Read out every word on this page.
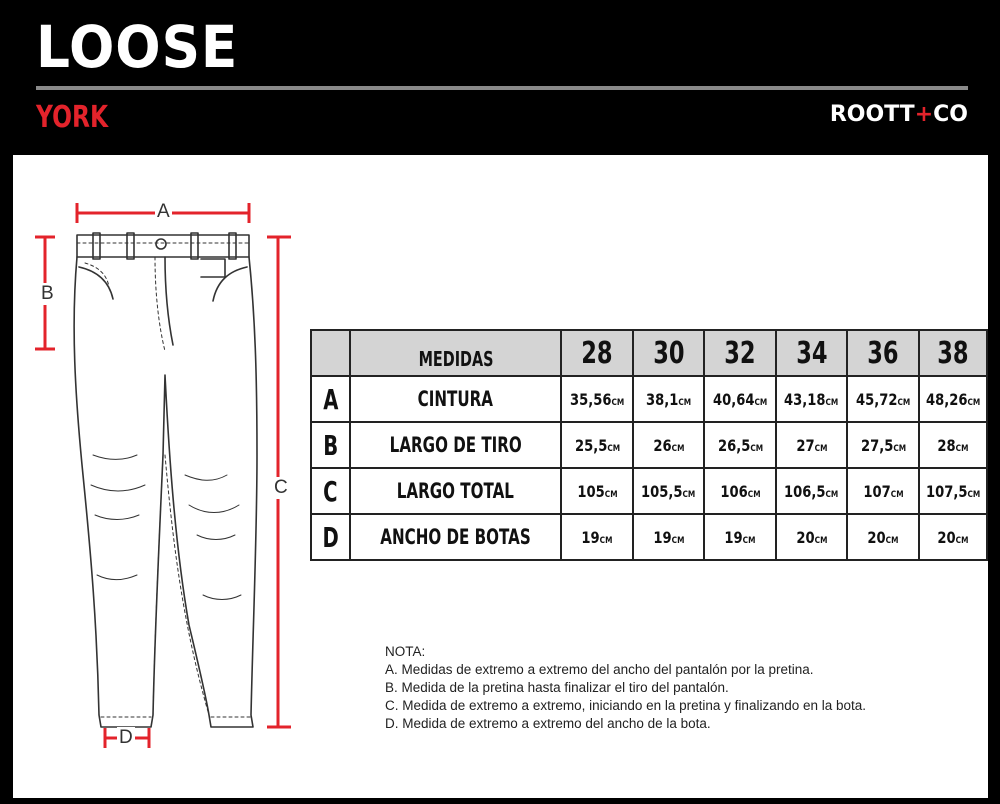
LOOSE
YORK	ROOTT+CO
A
B
C
D
	MEDIDAS	28	30	32	34	36	38
A	CINTURA	35,56CM	38,1CM	40,64CM	43,18CM	45,72CM	48,26CM
B	LARGO DE TIRO	25,5CM	26CM	26,5CM	27CM	27,5CM	28CM
C	LARGO TOTAL	105CM	105,5CM	106CM	106,5CM	107CM	107,5CM
D	ANCHO DE BOTAS	19CM	19CM	19CM	20CM	20CM	20CM
NOTA:
A. Medidas de extremo a extremo del ancho del pantalón por la pretina.
B. Medida de la pretina hasta finalizar el tiro del pantalón.
C. Medida de extremo a extremo, iniciando en la pretina y finalizando en la bota.
D. Medida de extremo a extremo del ancho de la bota.
